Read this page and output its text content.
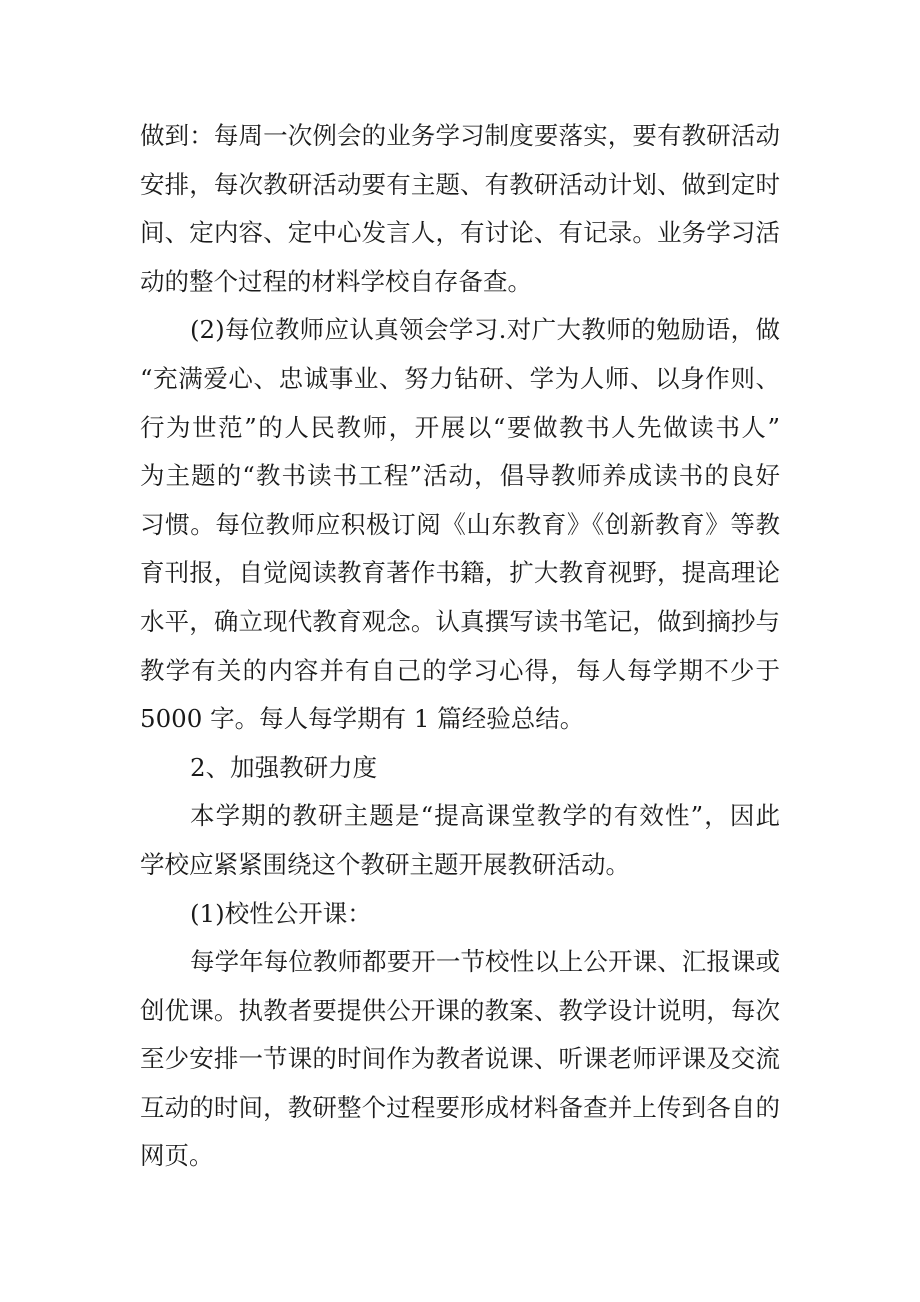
做到：每周一次例会的业务学习制度要落实，要有教研活动
安排，每次教研活动要有主题、有教研活动计划、做到定时
间、定内容、定中心发言人，有讨论、有记录。业务学习活
动的整个过程的材料学校自存备查。
(2)每位教师应认真领会学习.对广大教师的勉励语，做
“充满爱心、忠诚事业、努力钻研、学为人师、以身作则、
行为世范”的人民教师，开展以“要做教书人先做读书人”
为主题的“教书读书工程”活动，倡导教师养成读书的良好
习惯。每位教师应积极订阅《山东教育》《创新教育》等教
育刊报，自觉阅读教育著作书籍，扩大教育视野，提高理论
水平，确立现代教育观念。认真撰写读书笔记，做到摘抄与
教学有关的内容并有自己的学习心得，每人每学期不少于
5000 字。每人每学期有 1 篇经验总结。
2、加强教研力度
本学期的教研主题是“提高课堂教学的有效性”，因此
学校应紧紧围绕这个教研主题开展教研活动。
(1)校性公开课：
每学年每位教师都要开一节校性以上公开课、汇报课或
创优课。执教者要提供公开课的教案、教学设计说明，每次
至少安排一节课的时间作为教者说课、听课老师评课及交流
互动的时间，教研整个过程要形成材料备查并上传到各自的
网页。
